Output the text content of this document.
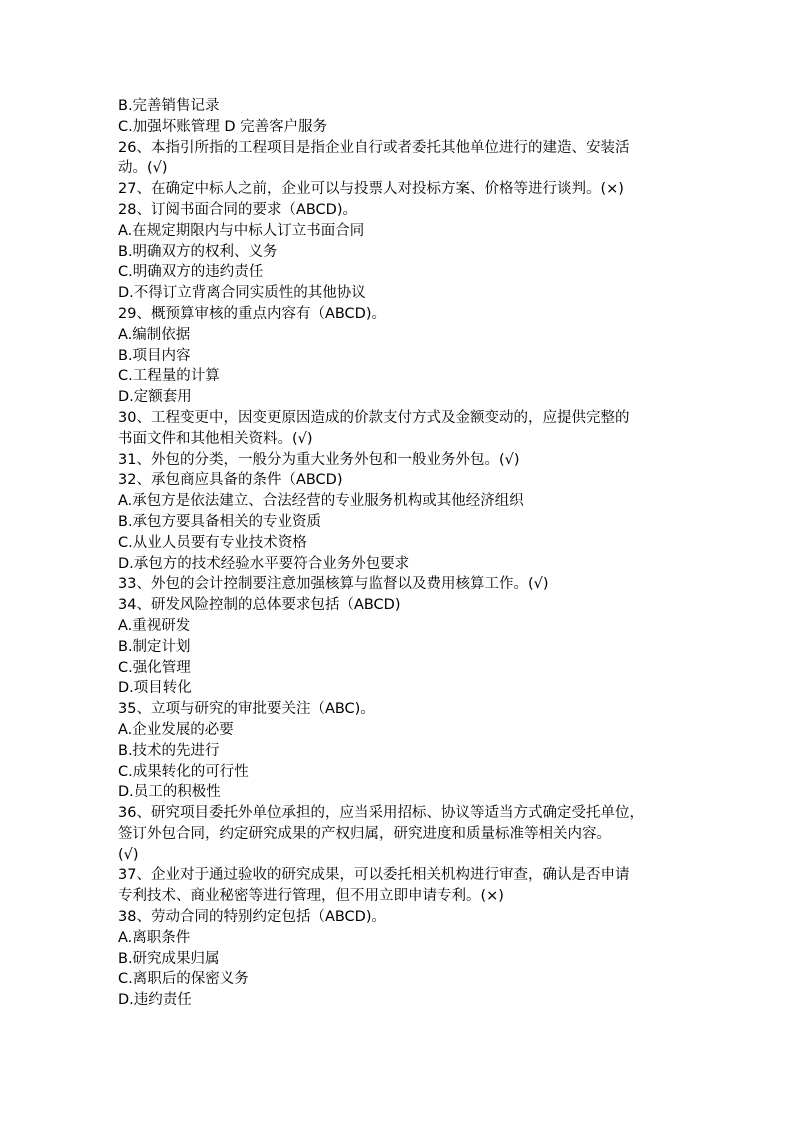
B.完善销售记录
C.加强坏账管理 D 完善客户服务
26、本指引所指的工程项目是指企业自行或者委托其他单位进行的建造、安装活
动。(√)
27、在确定中标人之前，企业可以与投票人对投标方案、价格等进行谈判。(×)
28、订阅书面合同的要求（ABCD)。
A.在规定期限内与中标人订立书面合同
B.明确双方的权利、义务
C.明确双方的违约责任
D.不得订立背离合同实质性的其他协议
29、概预算审核的重点内容有（ABCD)。
A.编制依据
B.项目内容
C.工程量的计算
D.定额套用
30、工程变更中，因变更原因造成的价款支付方式及金额变动的，应提供完整的
书面文件和其他相关资料。(√)
31、外包的分类，一般分为重大业务外包和一般业务外包。(√)
32、承包商应具备的条件（ABCD)
A.承包方是依法建立、合法经营的专业服务机构或其他经济组织
B.承包方要具备相关的专业资质
C.从业人员要有专业技术资格
D.承包方的技术经验水平要符合业务外包要求
33、外包的会计控制要注意加强核算与监督以及费用核算工作。(√)
34、研发风险控制的总体要求包括（ABCD)
A.重视研发
B.制定计划
C.强化管理
D.项目转化
35、立项与研究的审批要关注（ABC)。
A.企业发展的必要
B.技术的先进行
C.成果转化的可行性
D.员工的积极性
36、研究项目委托外单位承担的，应当采用招标、协议等适当方式确定受托单位，
签订外包合同，约定研究成果的产权归属，研究进度和质量标准等相关内容。
(√)
37、企业对于通过验收的研究成果，可以委托相关机构进行审查，确认是否申请
专利技术、商业秘密等进行管理，但不用立即申请专利。(×)
38、劳动合同的特别约定包括（ABCD)。
A.离职条件
B.研究成果归属
C.离职后的保密义务
D.违约责任
